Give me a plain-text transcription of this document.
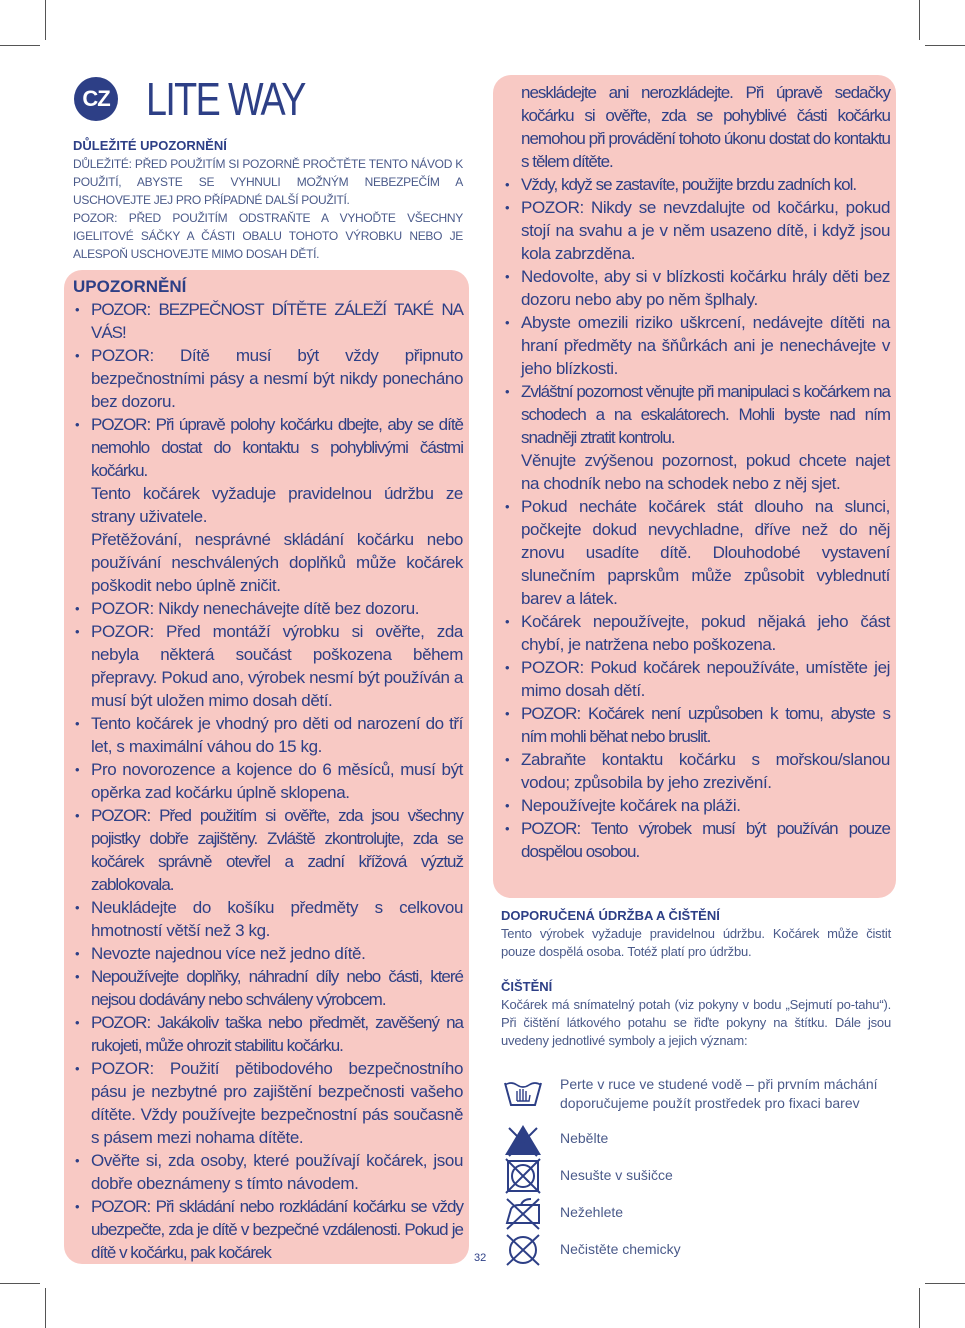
CZ LITE WAY
DŮLEŽITÉ UPOZORNĚNÍ

DŮLEŽITÉ: PŘED POUŽITÍM SI POZORNĚ PROČTĚTE TENTO NÁVOD K POUŽITÍ, ABYSTE SE VYHNULI MOŽNÝM NEBEZPEČÍM A USCHOVEJTE JEJ PRO PŘÍPADNÉ DALŠÍ POUŽITÍ.

POZOR: PŘED POUŽITÍM ODSTRAŇTE A VYHOĎTE VŠECHNY IGELITOVÉ SÁČKY A ČÁSTI OBALU TOHOTO VÝROBKU NEBO JE ALESPOŇ USCHOVEJTE MIMO DOSAH DĚTÍ.

UPOZORNĚNÍ
• POZOR: BEZPEČNOST DÍTĚTE ZÁLEŽÍ TAKÉ NA VÁS!
• POZOR: Dítě musí být vždy připnuto bezpečnostními pásy a nesmí být nikdy ponecháno bez dozoru.
• POZOR: Při úpravě polohy kočárku dbejte, aby se dítě nemohlo dostat do kontaktu s pohyblivými částmi kočárku.
Tento kočárek vyžaduje pravidelnou údržbu ze strany uživatele.
Přetěžování, nesprávné skládání kočárku nebo používání neschválených doplňků může kočárek poškodit nebo úplně zničit.
• POZOR: Nikdy nenechávejte dítě bez dozoru.
• POZOR: Před montáží výrobku si ověřte, zda nebyla některá součást poškozena během přepravy. Pokud ano, výrobek nesmí být používán a musí být uložen mimo dosah dětí.
• Tento kočárek je vhodný pro děti od narození do tří let, s maximální váhou do 15 kg.
• Pro novorozence a kojence do 6 měsíců, musí být opěrka zad kočárku úplně sklopena.
• POZOR: Před použitím si ověřte, zda jsou všechny pojistky dobře zajištěny. Zvláště zkontrolujte, zda se kočárek správně otevřel a zadní křížová výztuž zablokovala.
• Neukládejte do košíku předměty s celkovou hmotností větší než 3 kg.
• Nevozte najednou více než jedno dítě.
• Nepoužívejte doplňky, náhradní díly nebo části, které nejsou dodávány nebo schváleny výrobcem.
• POZOR: Jakákoliv taška nebo předmět, zavěšený na rukojeti, může ohrozit stabilitu kočárku.
• POZOR: Použití pětibodového bezpečnostního pásu je nezbytné pro zajištění bezpečnosti vašeho dítěte. Vždy používejte bezpečnostní pás současně s pásem mezi nohama dítěte.
• Ověřte si, zda osoby, které používají kočárek, jsou dobře obeznámeny s tímto návodem.
• POZOR: Při skládání nebo rozkládání kočárku se vždy ubezpečte, zda je dítě v bezpečné vzdálenosti. Pokud je dítě v kočárku, pak kočárek
neskládejte ani nerozkládejte. Při úpravě sedačky kočárku si ověřte, zda se pohyblivé části kočárku nemohou při provádění tohoto úkonu dostat do kontaktu s tělem dítěte.
• Vždy, když se zastavíte, použijte brzdu zadních kol.
• POZOR: Nikdy se nevzdalujte od kočárku, pokud stojí na svahu a je v něm usazeno dítě, i když jsou kola zabrzděna.
• Nedovolte, aby si v blízkosti kočárku hrály děti bez dozoru nebo aby po něm šplhaly.
• Abyste omezili riziko uškrcení, nedávejte dítěti na hraní předměty na šňůrkách ani je nenechávejte v jeho blízkosti.
• Zvláštní pozornost věnujte při manipulaci s kočárkem na schodech a na eskalátorech. Mohli byste nad ním snadněji ztratit kontrolu.
Věnujte zvýšenou pozornost, pokud chcete najet na chodník nebo na schodek nebo z něj sjet.
• Pokud necháte kočárek stát dlouho na slunci, počkejte dokud nevychladne, dříve než do něj znovu usadíte dítě. Dlouhodobé vystavení slunečním paprskům může způsobit vyblednutí barev a látek.
• Kočárek nepoužívejte, pokud nějaká jeho část chybí, je natržena nebo poškozena.
• POZOR: Pokud kočárek nepoužíváte, umístěte jej mimo dosah dětí.
• POZOR: Kočárek není uzpůsoben k tomu, abyste s ním mohli běhat nebo bruslit.
• Zabraňte kontaktu kočárku s mořskou/slanou vodou; způsobila by jeho zrezivění.
• Nepoužívejte kočárek na pláži.
• POZOR: Tento výrobek musí být používán pouze dospělou osobou.
DOPORUČENÁ ÚDRŽBA A ČIŠTĚNÍ

Tento výrobek vyžaduje pravidelnou údržbu. Kočárek může čistit pouze dospělá osoba. Totéž platí pro údržbu.

ČIŠTĚNÍ

Kočárek má snímatelný potah (viz pokyny v bodu „Sejmutí po-tahu“). Při čištění látkového potahu se řiďte pokyny na štítku. Dále jsou uvedeny jednotlivé symboly a jejich význam:

Perte v ruce ve studené vodě – při prvním máchání doporučujeme použít prostředek pro fixaci barev
Nebělte
Nesušte v sušičce
Nežehlete
Nečistěte chemicky
32
